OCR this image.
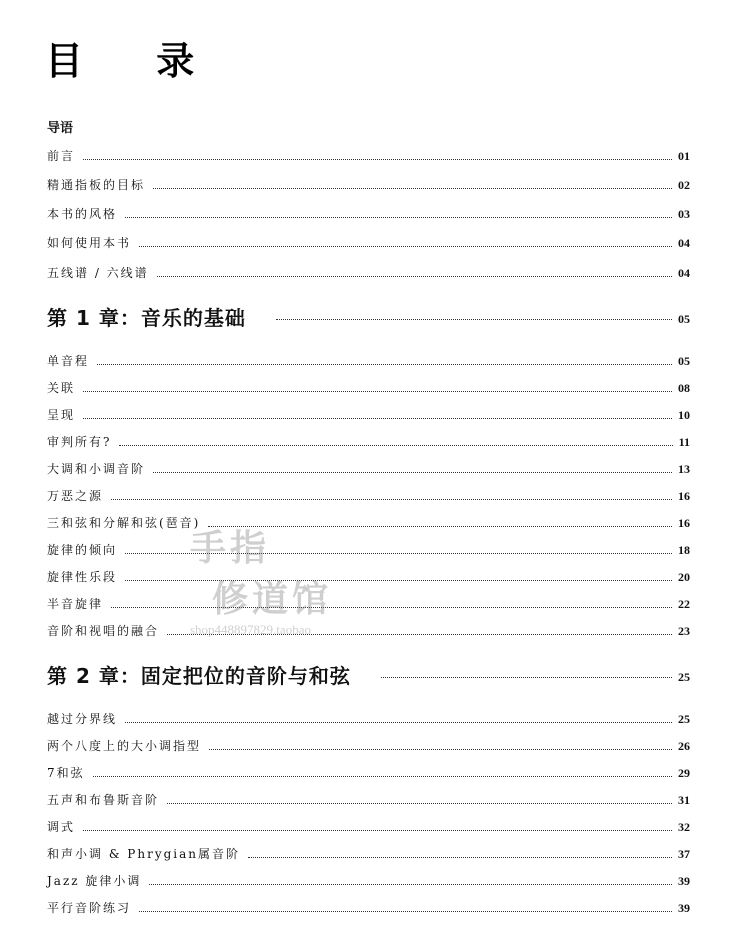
目 录
导语
前言	01
精通指板的目标	02
本书的风格	03
如何使用本书	04
五线谱 / 六线谱	04
第 1 章：音乐的基础	05
单音程	05
关联	08
呈现	10
审判所有?	11
大调和小调音阶	13
万恶之源	16
三和弦和分解和弦(琶音)	16
旋律的倾向	18
旋律性乐段	20
半音旋律	22
音阶和视唱的融合	23
第 2 章：固定把位的音阶与和弦	25
越过分界线	25
两个八度上的大小调指型	26
7和弦	29
五声和布鲁斯音阶	31
调式	32
和声小调 & Phrygian属音阶	37
Jazz 旋律小调	39
平行音阶练习	39
手指
修道馆
shop448897829.taobao
